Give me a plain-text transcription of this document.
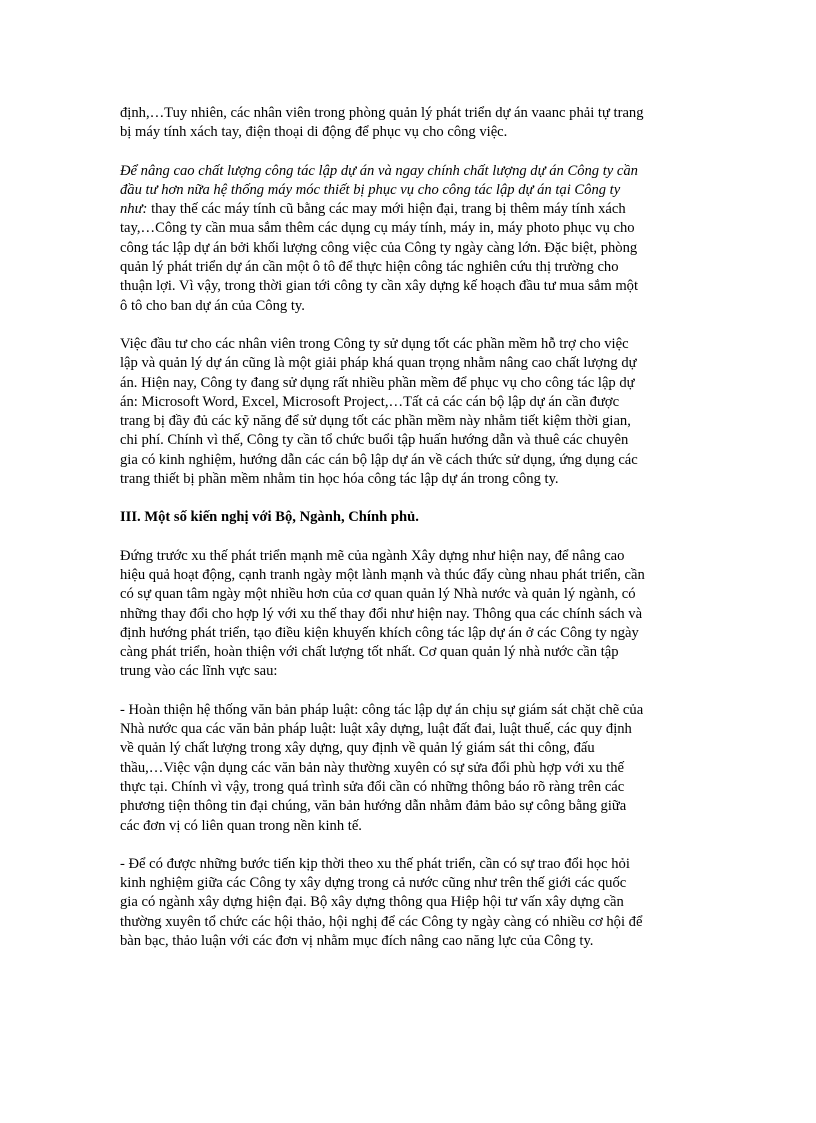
định,…Tuy nhiên, các nhân viên trong phòng quản lý phát triển dự án vaanc phải tự trang
bị máy tính xách tay, điện thoại di động để phục vụ cho công việc.
Để nâng cao chất lượng công tác lập dự án và ngay chính chất lượng dự án Công ty cần
đầu tư hơn nữa hệ thống máy móc thiết bị phục vụ cho công tác lập dự án tại Công ty
như: thay thế các máy tính cũ bằng các may mới hiện đại, trang bị thêm máy tính xách
tay,…Công ty cần mua sắm thêm các dụng cụ máy tính, máy in, máy photo phục vụ cho
công tác lập dự án bởi khối lượng công việc của Công ty ngày càng lớn. Đặc biệt, phòng
quản lý phát triển dự án cần một ô tô để thực hiện công tác nghiên cứu thị trường cho
thuận lợi. Vì vậy, trong thời gian tới công ty cần xây dựng kế hoạch đầu tư mua sắm một
ô tô cho ban dự án của Công ty.
Việc đầu tư cho các nhân viên trong Công ty sử dụng tốt các phần mềm hỗ trợ cho việc
lập và quản lý dự án cũng là một giải pháp khá quan trọng nhằm nâng cao chất lượng dự
án. Hiện nay, Công ty đang sử dụng rất nhiều phần mềm để phục vụ cho công tác lập dự
án: Microsoft Word, Excel, Microsoft Project,…Tất cả các cán bộ lập dự án cần được
trang bị đầy đủ các kỹ năng để sử dụng tốt các phần mềm này nhằm tiết kiệm thời gian,
chi phí. Chính vì thế, Công ty cần tổ chức buổi tập huấn hướng dẫn và thuê các chuyên
gia có kinh nghiệm, hướng dẫn các cán bộ lập dự án về cách thức sử dụng, ứng dụng các
trang thiết bị phần mềm nhằm tin học hóa công tác lập dự án trong công ty.
III. Một số kiến nghị với Bộ, Ngành, Chính phủ.
Đứng trước xu thế phát triển mạnh mẽ của ngành Xây dựng như hiện nay, để nâng cao
hiệu quả hoạt động, cạnh tranh ngày một lành mạnh và thúc đẩy cùng nhau phát triển, cần
có sự quan tâm ngày một nhiều hơn của cơ quan quản lý Nhà nước và quản lý ngành, có
những thay đổi cho hợp lý với xu thế thay đổi như hiện nay. Thông qua các chính sách và
định hướng phát triển, tạo điều kiện khuyến khích công tác lập dự án ở các Công ty ngày
càng phát triển, hoàn thiện với chất lượng tốt nhất. Cơ quan quản lý nhà nước cần tập
trung vào các lĩnh vực sau:
- Hoàn thiện hệ thống văn bản pháp luật: công tác lập dự án chịu sự giám sát chặt chẽ của
Nhà nước qua các văn bản pháp luật: luật xây dựng, luật đất đai, luật thuế, các quy định
về quản lý chất lượng trong xây dựng, quy định về quản lý giám sát thi công, đấu
thầu,…Việc vận dụng các văn bản này thường xuyên có sự sửa đổi phù hợp với xu thế
thực tại. Chính vì vậy, trong quá trình sửa đổi cần có những thông báo rõ ràng trên các
phương tiện thông tin đại chúng, văn bản hướng dẫn nhằm đảm bảo sự công bằng giữa
các đơn vị có liên quan trong nền kinh tế.
- Để có được những bước tiến kịp thời theo xu thế phát triển, cần có sự trao đổi học hỏi
kinh nghiệm giữa các Công ty xây dựng trong cả nước cũng như trên thế giới các quốc
gia có ngành xây dựng hiện đại. Bộ xây dựng thông qua Hiệp hội tư vấn xây dựng cần
thường xuyên tổ chức các hội thảo, hội nghị để các Công ty ngày càng có nhiều cơ hội để
bàn bạc, thảo luận với các đơn vị nhằm mục đích nâng cao năng lực của Công ty.
